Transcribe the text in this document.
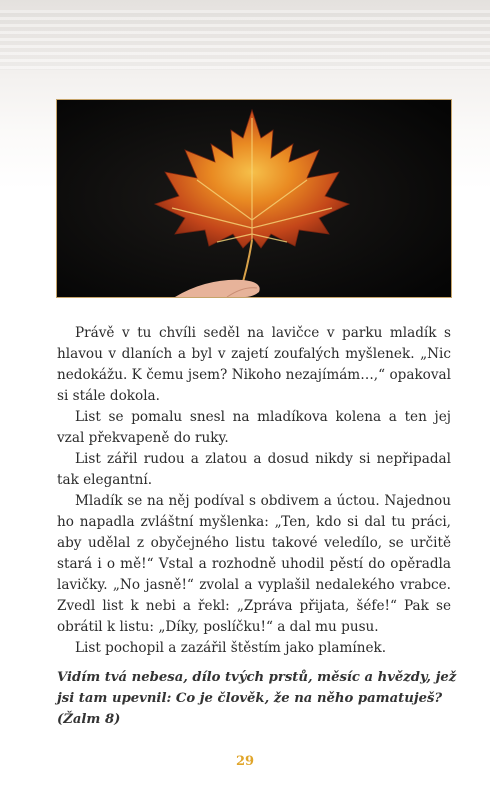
Právě v tu chvíli seděl na lavičce v parku mladík s hlavou v dlaních a byl v zajetí zoufalých myšlenek. „Nic nedokážu. K čemu jsem? Nikoho nezajímám…,“ opakoval si stále dokola.

List se pomalu snesl na mladíkova kolena a ten jej vzal překvapeně do ruky.

List zářil rudou a zlatou a dosud nikdy si nepřipadal tak elegantní.

Mladík se na něj podíval s obdivem a úctou. Najednou ho napadla zvláštní myšlenka: „Ten, kdo si dal tu práci, aby udělal z obyčejného listu takové veledílo, se určitě stará i o mě!“ Vstal a rozhodně uhodil pěstí do opěradla lavičky. „No jasně!“ zvolal a vyplašil nedalekého vrabce. Zvedl list k nebi a řekl: „Zpráva přijata, šéfe!“ Pak se obrátil k listu: „Díky, poslíčku!“ a dal mu pusu.

List pochopil a zazářil štěstím jako plamínek.

Vidím tvá nebesa, dílo tvých prstů, měsíc a hvězdy, jež jsi tam upevnil: Co je člověk, že na něho pamatuješ? (Žalm 8)
29
